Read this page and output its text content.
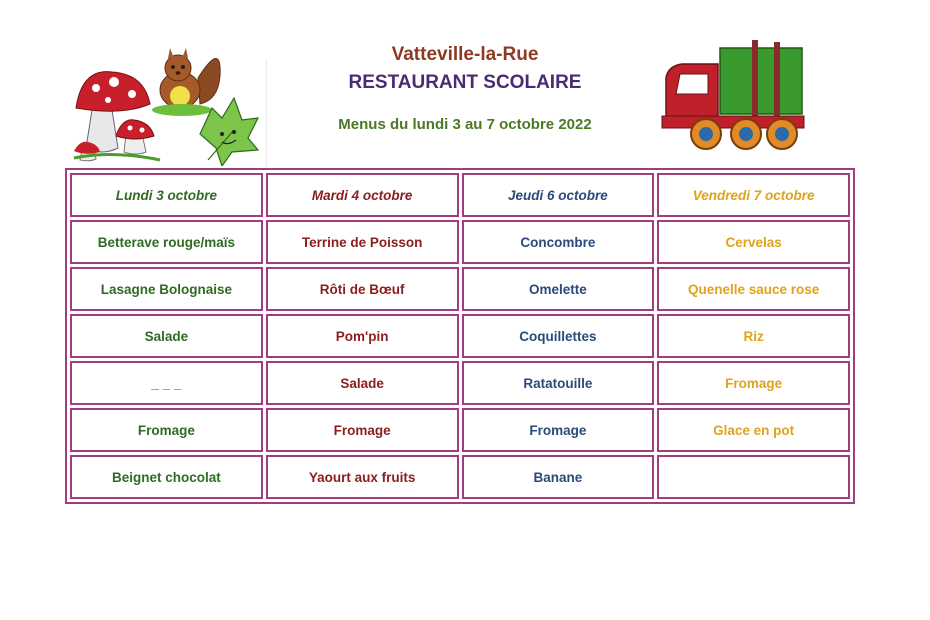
Vatteville-la-Rue
RESTAURANT SCOLAIRE
Menus du lundi 3 au 7 octobre 2022
Lundi 3 octobre	Mardi 4 octobre	Jeudi 6 octobre	Vendredi 7 octobre
Betterave rouge/maïs	Terrine de Poisson	Concombre	Cervelas
Lasagne Bolognaise	Rôti de Bœuf	Omelette	Quenelle sauce rose
Salade	Pom'pin	Coquillettes	Riz
_ _ _	Salade	Ratatouille	Fromage
Fromage	Fromage	Fromage	Glace en pot
Beignet chocolat	Yaourt aux fruits	Banane	
